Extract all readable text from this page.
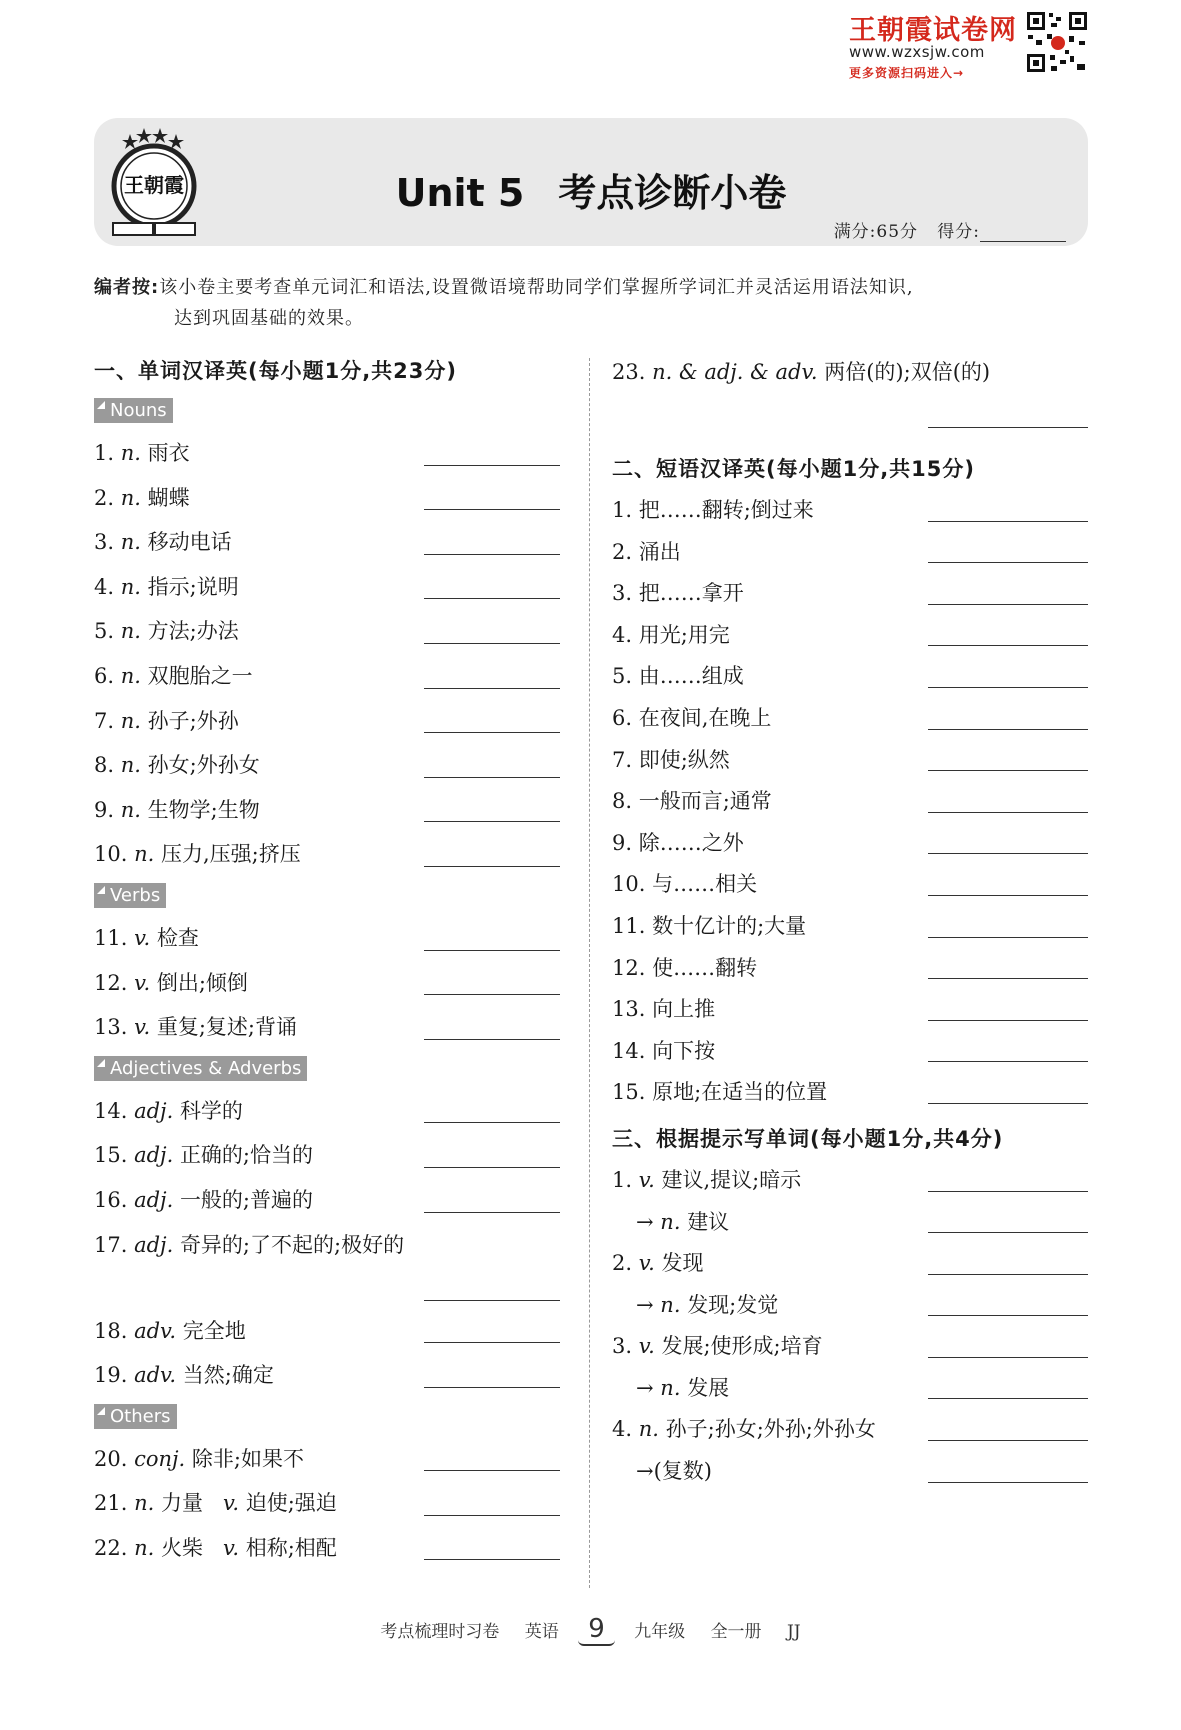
王朝霞试卷网
www.wzxsjw.com
更多资源扫码进入→
王朝霞	Unit 5 考点诊断小卷
满分:65分 得分:
编者按:该小卷主要考查单元词汇和语法,设置微语境帮助同学们掌握所学词汇并灵活运用语法知识,
达到巩固基础的效果。
一、单词汉译英(每小题1分,共23分)
Nouns
1. n. 雨衣
2. n. 蝴蝶
3. n. 移动电话
4. n. 指示;说明
5. n. 方法;办法
6. n. 双胞胎之一
7. n. 孙子;外孙
8. n. 孙女;外孙女
9. n. 生物学;生物
10. n. 压力,压强;挤压
Verbs
11. v. 检查
12. v. 倒出;倾倒
13. v. 重复;复述;背诵
Adjectives & Adverbs
14. adj. 科学的
15. adj. 正确的;恰当的
16. adj. 一般的;普遍的
17. adj. 奇异的;了不起的;极好的
18. adv. 完全地
19. adv. 当然;确定
Others
20. conj. 除非;如果不
21. n. 力量 v. 迫使;强迫
22. n. 火柴 v. 相称;相配
23. n. & adj. & adv. 两倍(的);双倍(的)
二、短语汉译英(每小题1分,共15分)
1. 把……翻转;倒过来
2. 涌出
3. 把……拿开
4. 用光;用完
5. 由……组成
6. 在夜间,在晚上
7. 即使;纵然
8. 一般而言;通常
9. 除……之外
10. 与……相关
11. 数十亿计的;大量
12. 使……翻转
13. 向上推
14. 向下按
15. 原地;在适当的位置
三、根据提示写单词(每小题1分,共4分)
1. v. 建议,提议;暗示
→ n. 建议
2. v. 发现
→ n. 发现;发觉
3. v. 发展;使形成;培育
→ n. 发展
4. n. 孙子;孙女;外孙;外孙女
→(复数)
考点梳理时习卷 英语 9 九年级 全一册 JJ
